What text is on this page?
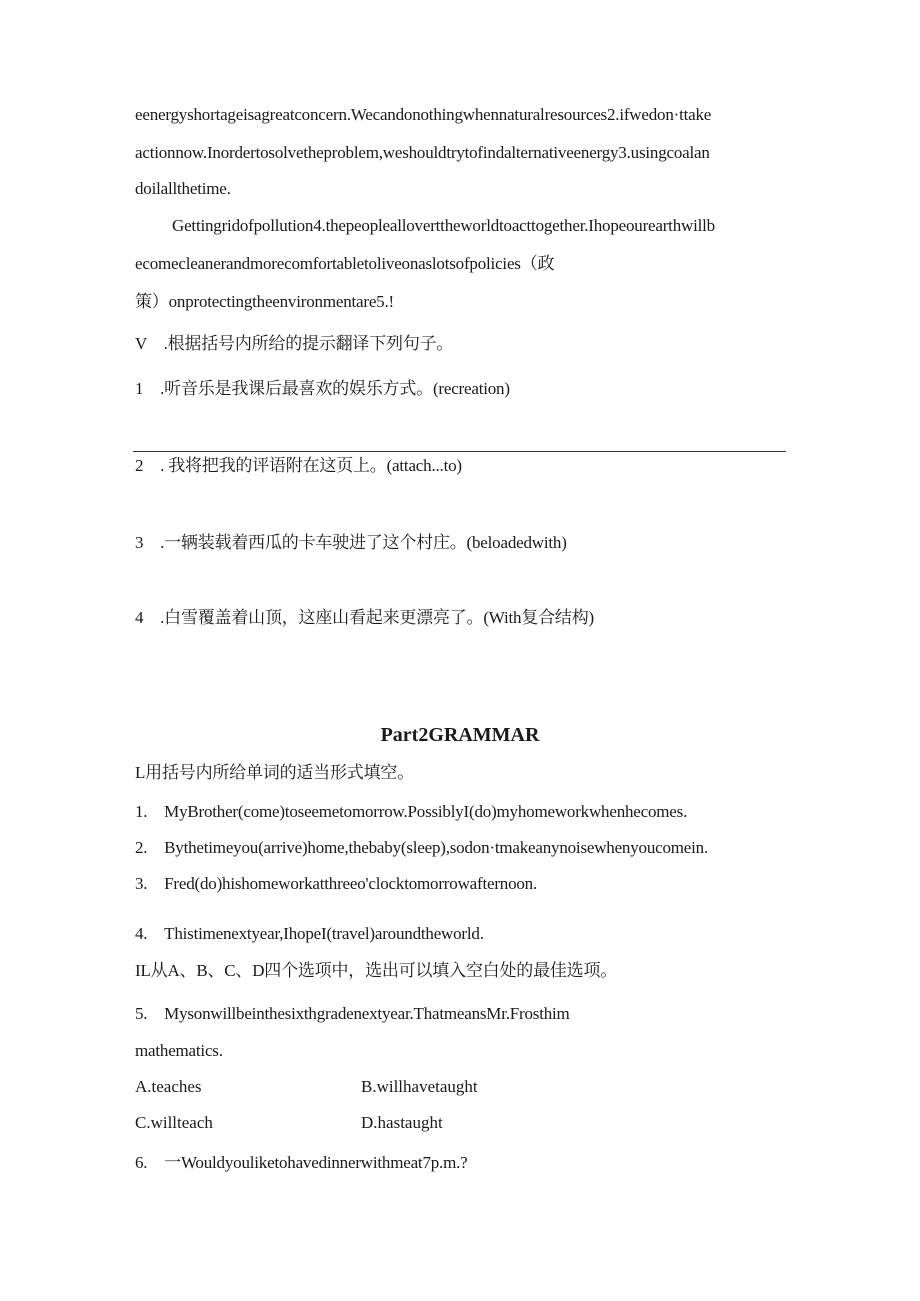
eenergyshortageisagreatconcern.Wecandonothingwhennaturalresources2.ifwedon·ttake
actionnow.Inordertosolvetheproblem,weshouldtrytofindalternativeenergy3.usingcoalan
doilallthetime.
Gettingridofpollution4.thepeoplealloverttheworldtoacttogether.Ihopeourearthwillb
ecomecleanerandmorecomfortabletoliveonaslotsofpolicies（政
策）onprotectingtheenvironmentare5.!
V　.根据括号内所给的提示翻译下列句子。
1　.听音乐是我课后最喜欢的娱乐方式。(recreation)
2　. 我将把我的评语附在这页上。(attach...to)
3　.一辆装载着西瓜的卡车驶进了这个村庄。(beloadedwith)
4　.白雪覆盖着山顶，这座山看起来更漂亮了。(With复合结构)
Part2GRAMMAR
L用括号内所给单词的适当形式填空。
1.　MyBrother(come)toseemetomorrow.PossiblyI(do)myhomeworkwhenhecomes.
2.　Bythetimeyou(arrive)home,thebaby(sleep),sodon·tmakeanynoisewhenyoucomein.
3.　Fred(do)hishomeworkatthreeo'clocktomorrowafternoon.
4.　Thistimenextyear,IhopeI(travel)aroundtheworld.
IL从A、B、C、D四个选项中，选出可以填入空白处的最佳选项。
5.　Mysonwillbeinthesixthgradenextyear.ThatmeansMr.Frosthim
mathematics.
A.teaches	B.willhavetaught
C.willteach	D.hastaught
6.　一Wouldyouliketohavedinnerwithmeat7p.m.?
